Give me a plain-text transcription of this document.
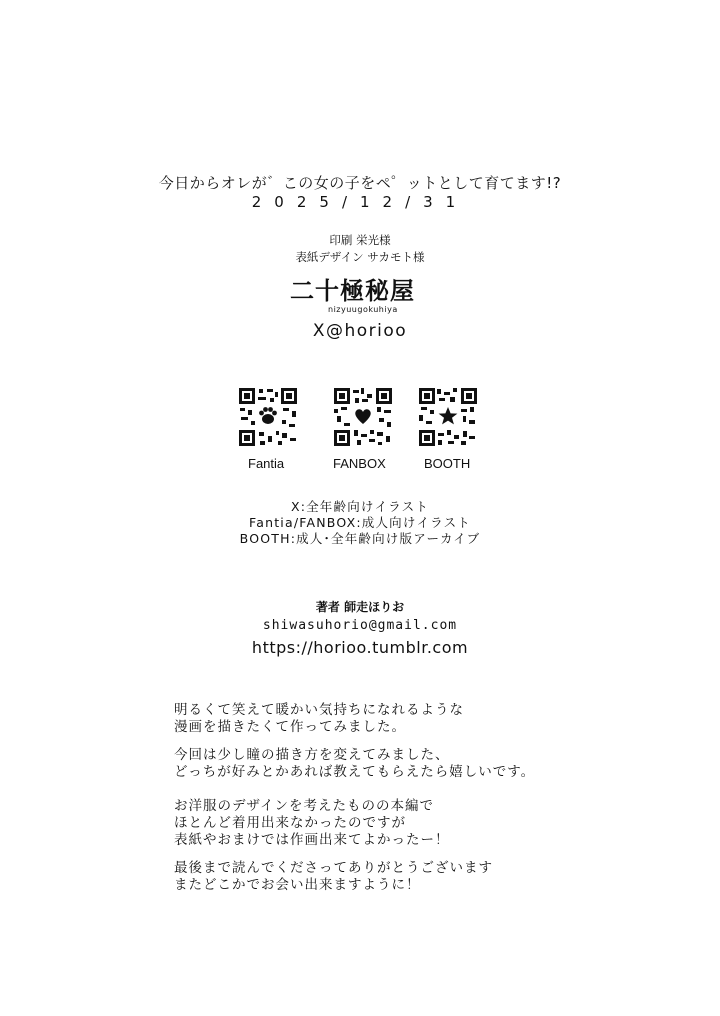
今日からオレが゛この女の子をペ゜ットとして育てます!?
2025/12/31
印刷 栄光様
表紙デザイン サカモト様
二十極秘屋
nizyuugokuhiya
X@horioo
Fantia	FANBOX	BOOTH
X:全年齢向けイラスト
Fantia/FANBOX:成人向けイラスト
BOOTH:成人･全年齢向け版アーカイブ
著者 師走ほりお
shiwasuhorio@gmail.com
https://horioo.tumblr.com
明るくて笑えて暖かい気持ちになれるような
漫画を描きたくて作ってみました。
今回は少し瞳の描き方を変えてみました、
どっちが好みとかあれば教えてもらえたら嬉しいです。
お洋服のデザインを考えたものの本編で
ほとんど着用出来なかったのですが
表紙やおまけでは作画出来てよかったー！
最後まで読んでくださってありがとうございます
またどこかでお会い出来ますように！
